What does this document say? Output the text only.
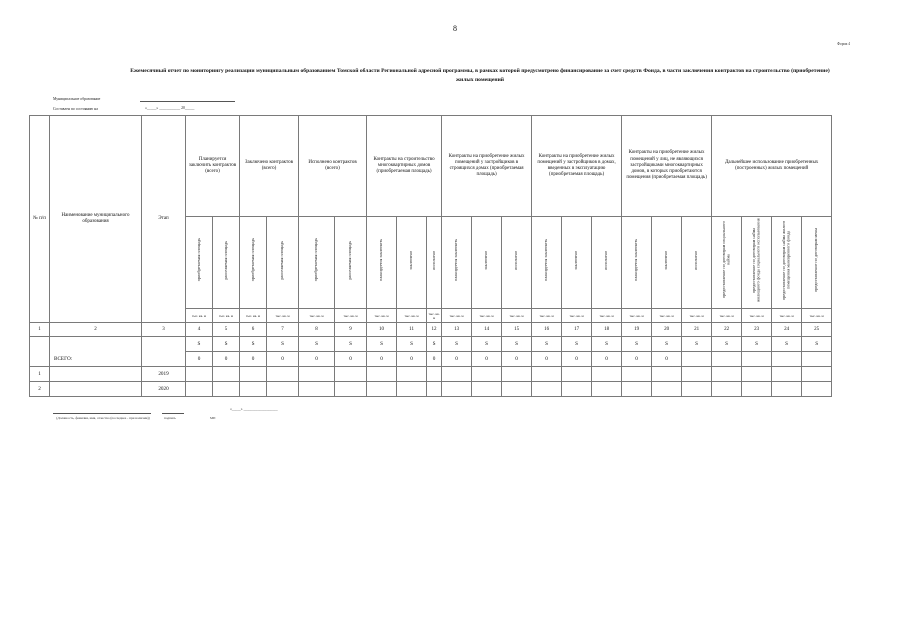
8
Форма 4
Ежемесячный отчет по мониторингу реализации муниципальным образованием Томской области Региональной адресной программы, в рамках которой предусмотрено финансирование за счет средств Фонда, в части заключения контрактов на строительство (приобретение) жилых помещений
Муниципальное образование
Составлен по состоянию на	«_____» ___________ 20_____
№ п/п	Наименование муниципального образования	Этап	Планируется заключить контрактов (всего)		Заключено контрактов (всего)		Исполнено контрактов (всего)		Контракты на строительство многоквартирных домов (приобретаемая площадь)			Контракты на приобретение жилых помещений у застройщиков в строящихся домах (приобретаемая площадь)			Контракты на приобретение жилых помещений у застройщиков в домах, введенных в эксплуатацию (приобретаемая площадь)			Контракты на приобретение жилых помещений у лиц, не являющихся застройщиками многоквартирных домов, в которых приобретаются помещения (приобретаемая площадь)			Дальнейшее использование приобретенных (построенных) жилых помещений			
			приобретаемая площадь	расселяемая площадь	приобретаемая площадь	расселяемая площадь	приобретаемая площадь	расселяемая площадь	планируется заключить	заключено	исполнено	планируется заключить	заключено	исполнено	планируется заключить	заключено	исполнено	планируется заключить	заключено	исполнено	предоставление по договорам социального найма	предоставление по договорам найма жилищного фонда социального использования	предоставление по договорам найма жилого помещения маневренного фонда	предоставление по договорам мены
			тыс. кв. м	тыс. кв. м	тыс. кв. м	тыс. кв. м	тыс. кв. м	тыс. кв. м	тыс. кв. м	тыс. кв. м	тыс. кв. м	тыс. кв. м	тыс. кв. м	тыс. кв. м	тыс. кв. м	тыс. кв. м	тыс. кв. м	тыс. кв. м	тыс. кв. м	тыс. кв. м	тыс. кв. м	тыс. кв. м	тыс. кв. м	тыс. кв. м
1	2	3	4	5	6	7	8	9	10	11	12	13	14	15	16	17	18	19	20	21	22	23	24	25
			S	S	S	S	S	S	S	S	S	S	S	S	S	S	S	S	S	S	S	S	S	S
	ВСЕГО:		0	0	0	0	0	0	0	0	0	0	0	0	0	0	0	0	0					
1		2019																						
2		2020																						
(Должность, фамилия, имя, отчество (последнее - при наличии))	подпись	МП
«_____» ___________________
